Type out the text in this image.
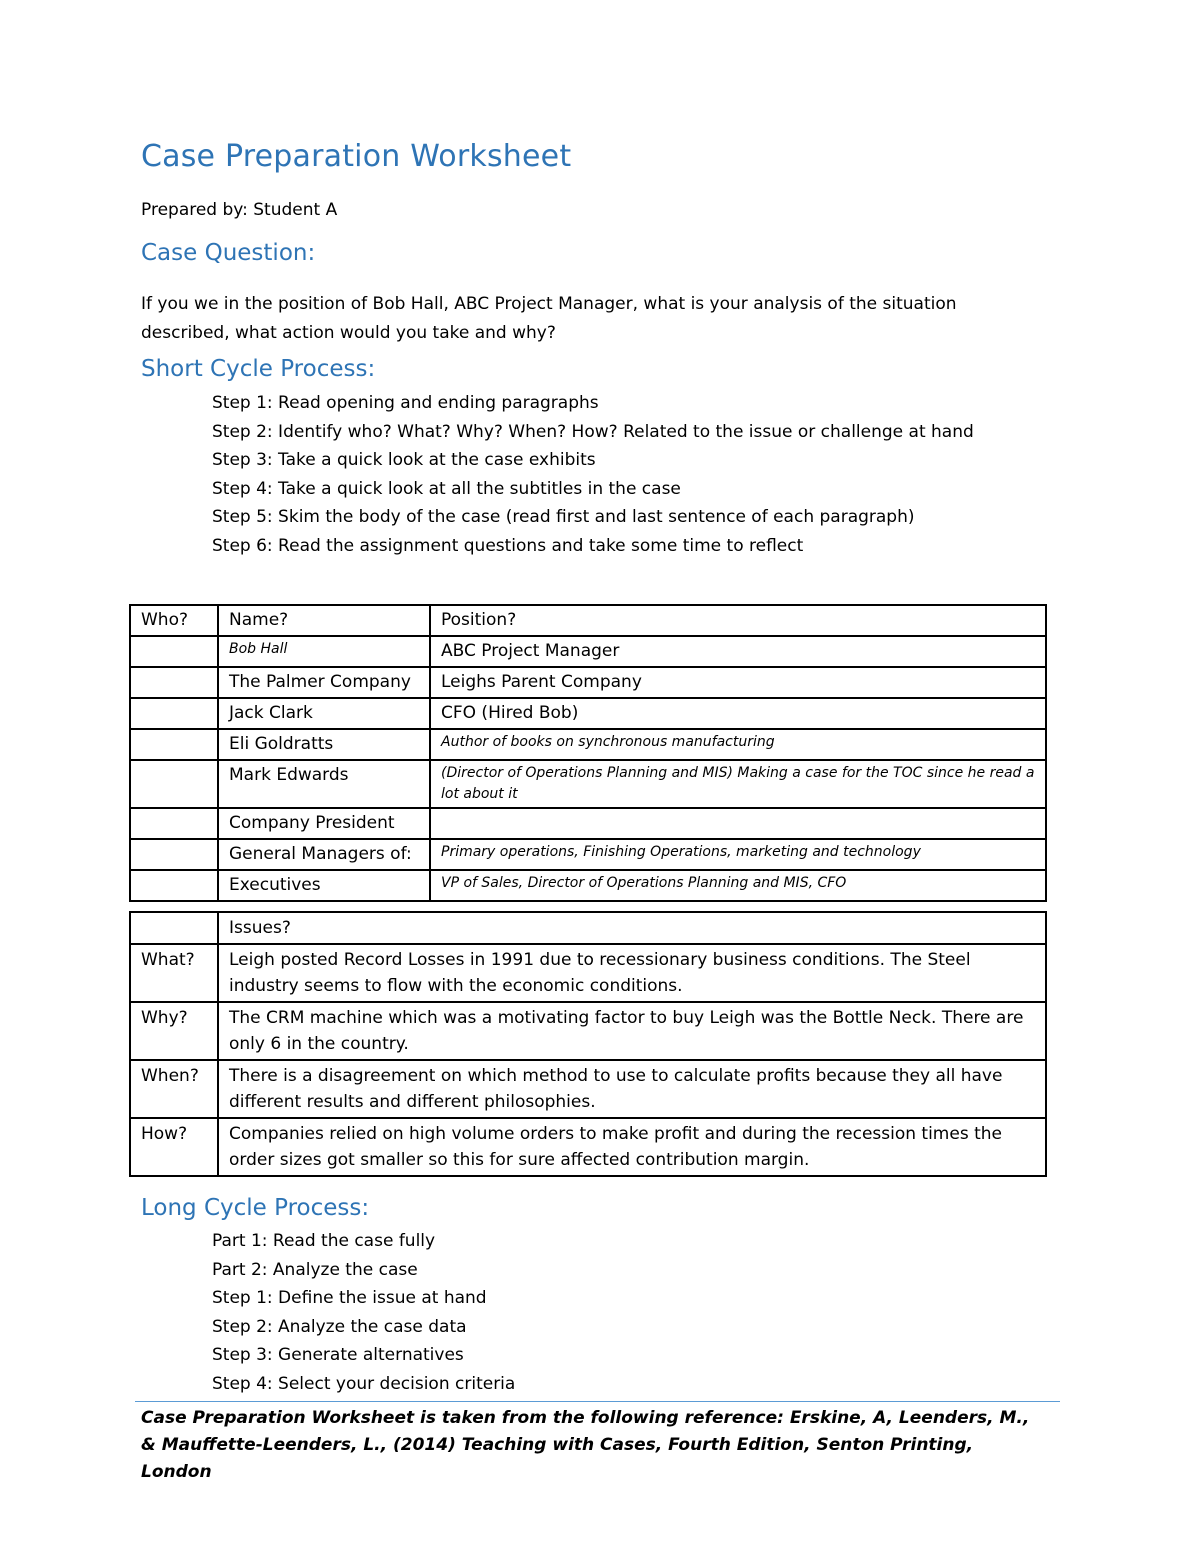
Case Preparation Worksheet
Prepared by: Student A
Case Question:

If you we in the position of Bob Hall, ABC Project Manager, what is your analysis of the situation described, what action would you take and why?

Short Cycle Process:
Step 1: Read opening and ending paragraphs
Step 2: Identify who? What? Why? When? How? Related to the issue or challenge at hand
Step 3: Take a quick look at the case exhibits
Step 4: Take a quick look at all the subtitles in the case
Step 5: Skim the body of the case (read first and last sentence of each paragraph)
Step 6: Read the assignment questions and take some time to reflect
Who?	Name?	Position?
	Bob Hall	ABC Project Manager
	The Palmer Company	Leighs Parent Company
	Jack Clark	CFO (Hired Bob)
	Eli Goldratts	Author of books on synchronous manufacturing
	Mark Edwards	(Director of Operations Planning and MIS) Making a case for the TOC since he read a lot about it
	Company President	
	General Managers of:	Primary operations, Finishing Operations, marketing and technology
	Executives	VP of Sales, Director of Operations Planning and MIS, CFO
	Issues?
What?	Leigh posted Record Losses in 1991 due to recessionary business conditions. The Steel industry seems to flow with the economic conditions.
Why?	The CRM machine which was a motivating factor to buy Leigh was the Bottle Neck. There are only 6 in the country.
When?	There is a disagreement on which method to use to calculate profits because they all have different results and different philosophies.
How?	Companies relied on high volume orders to make profit and during the recession times the order sizes got smaller so this for sure affected contribution margin.
Long Cycle Process:
Part 1: Read the case fully
Part 2: Analyze the case
Step 1: Define the issue at hand
Step 2: Analyze the case data
Step 3: Generate alternatives
Step 4: Select your decision criteria

Case Preparation Worksheet is taken from the following reference: Erskine, A, Leenders, M., & Mauffette-Leenders, L., (2014) Teaching with Cases, Fourth Edition, Senton Printing, London
